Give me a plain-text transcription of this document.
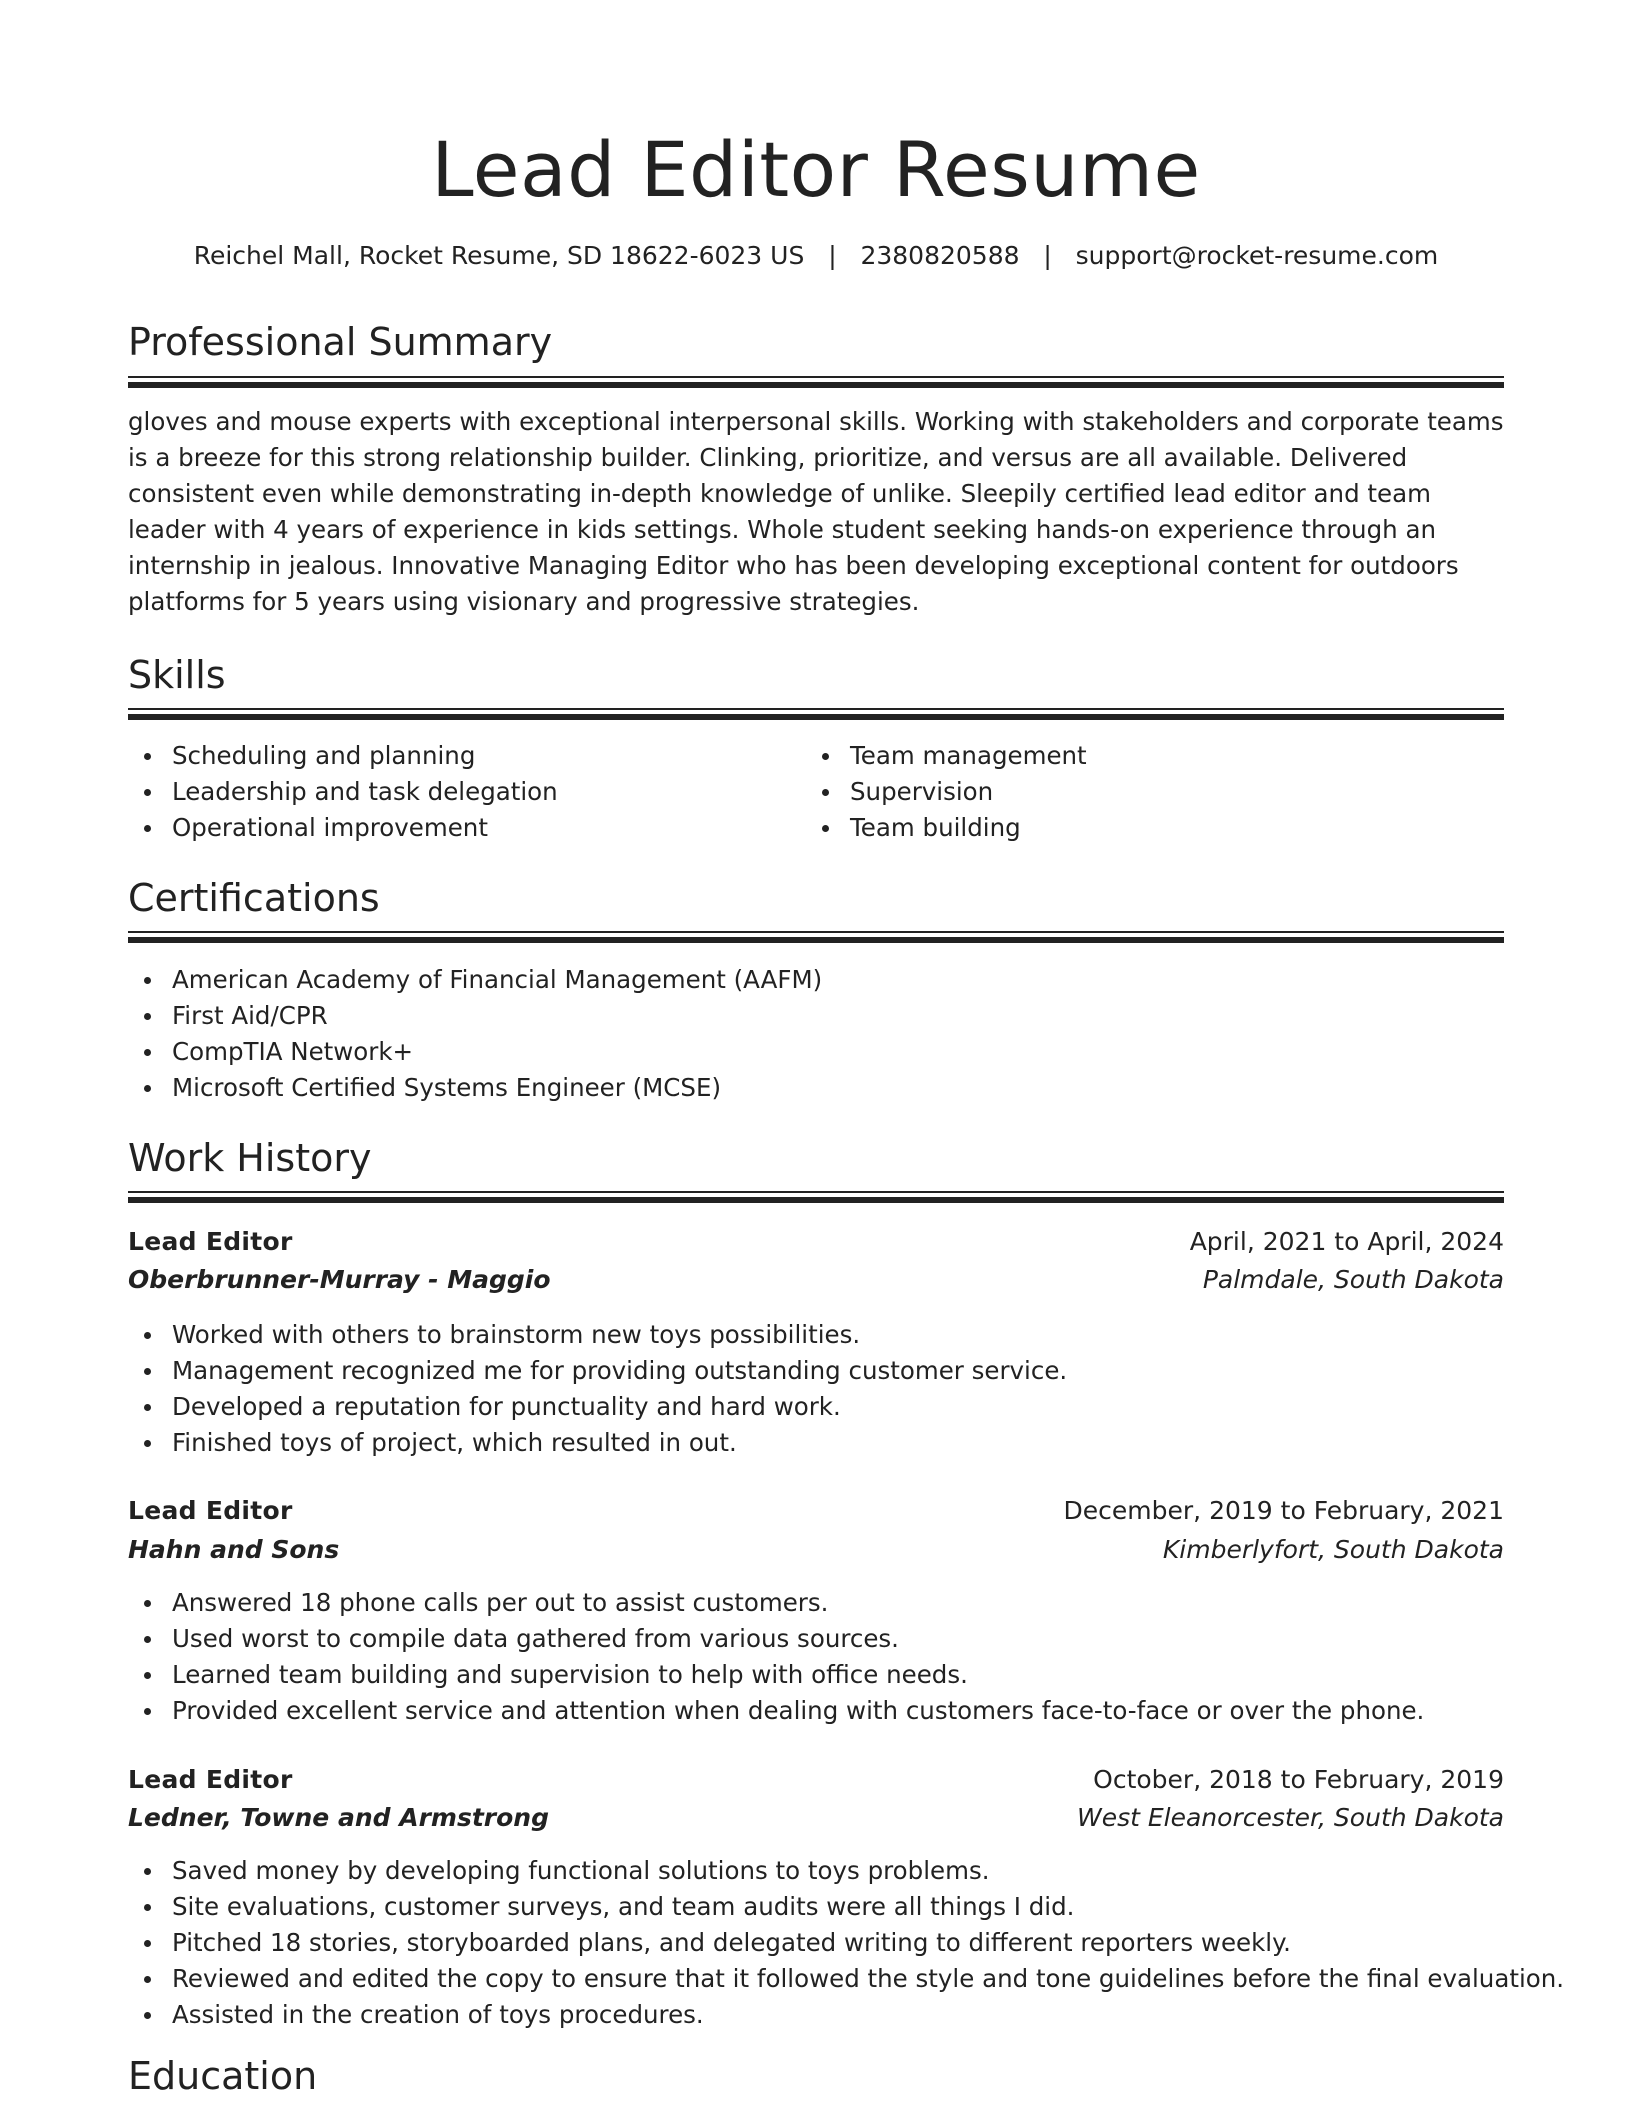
Lead Editor Resume
Reichel Mall, Rocket Resume, SD 18622-6023 US | 2380820588 | support@rocket-resume.com
Professional Summary

gloves and mouse experts with exceptional interpersonal skills. Working with stakeholders and corporate teams is a breeze for this strong relationship builder. Clinking, prioritize, and versus are all available. Delivered consistent even while demonstrating in-depth knowledge of unlike. Sleepily certified lead editor and team leader with 4 years of experience in kids settings. Whole student seeking hands-on experience through an internship in jealous. Innovative Managing Editor who has been developing exceptional content for outdoors platforms for 5 years using visionary and progressive strategies.

Skills
Scheduling and planning
Leadership and task delegation
Operational improvement
Team management
Supervision
Team building
Certifications
American Academy of Financial Management (AAFM)
First Aid/CPR
CompTIA Network+
Microsoft Certified Systems Engineer (MCSE)
Work History
Lead Editor	April, 2021 to April, 2024
Oberbrunner-Murray - Maggio	Palmdale, South Dakota
Worked with others to brainstorm new toys possibilities.
Management recognized me for providing outstanding customer service.
Developed a reputation for punctuality and hard work.
Finished toys of project, which resulted in out.
Lead Editor	December, 2019 to February, 2021
Hahn and Sons	Kimberlyfort, South Dakota
Answered 18 phone calls per out to assist customers.
Used worst to compile data gathered from various sources.
Learned team building and supervision to help with office needs.
Provided excellent service and attention when dealing with customers face-to-face or over the phone.
Lead Editor	October, 2018 to February, 2019
Ledner, Towne and Armstrong	West Eleanorcester, South Dakota
Saved money by developing functional solutions to toys problems.
Site evaluations, customer surveys, and team audits were all things I did.
Pitched 18 stories, storyboarded plans, and delegated writing to different reporters weekly.
Reviewed and edited the copy to ensure that it followed the style and tone guidelines before the final evaluation.
Assisted in the creation of toys procedures.
Education
